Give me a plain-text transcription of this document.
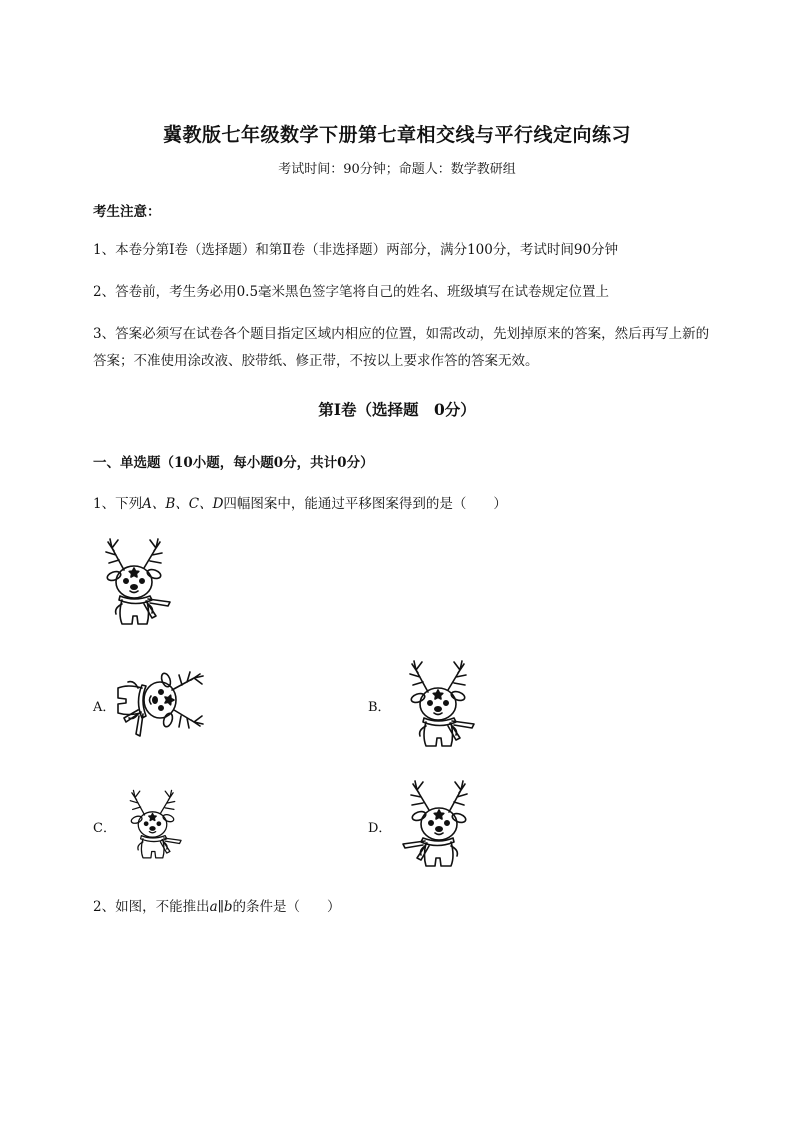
冀教版七年级数学下册第七章相交线与平行线定向练习
考试时间：90分钟；命题人：数学教研组
考生注意：
1、本卷分第I卷（选择题）和第Ⅱ卷（非选择题）两部分，满分100分，考试时间90分钟
2、答卷前，考生务必用0.5毫米黑色签字笔将自己的姓名、班级填写在试卷规定位置上
3、答案必须写在试卷各个题目指定区域内相应的位置，如需改动，先划掉原来的答案，然后再写上新的答案；不准使用涂改液、胶带纸、修正带，不按以上要求作答的答案无效。
第I卷（选择题　0分）
一、单选题（10小题，每小题0分，共计0分）
1、下列A、B、C、D四幅图案中，能通过平移图案得到的是（　　）
A．	B．
C．	D．
2、如图，不能推出a∥b的条件是（　　）
